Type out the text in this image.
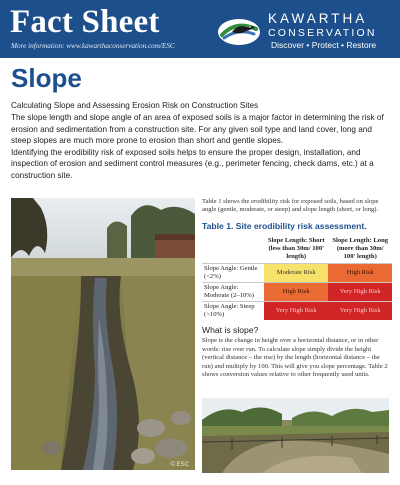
Fact Sheet
More information: www.kawarthaconservation.com/ESC
KAWARTHA
CONSERVATION
Discover • Protect • Restore
Slope
Calculating Slope and Assessing Erosion Risk on Construction Sites

The slope length and slope angle of an area of exposed soils is a major factor in determining the risk of erosion and sedimentation from a construction site. For any given soil type and land cover, long and steep slopes are much more prone to erosion than short and gentle slopes.

Identifying the erodibility risk of exposed soils helps to ensure the proper design, installation, and inspection of erosion and sediment control measures (e.g., perimeter fencing, check dams, etc.) at a construction site.

© ESC
Table 1 shows the erodibility risk for exposed soils, based on slope angle (gentle, moderate, or steep) and slope length (short, or long).
Table 1. Site erodibility risk assessment.
	Slope Length: Short (less than 30m/ 100' length)	Slope Length: Long (more than 30m/ 100' length)
Slope Angle: Gentle (<2%)	Moderate Risk	High Risk
Slope Angle: Moderate (2–10%)	High Risk	Very High Risk
Slope Angle: Steep (>10%)	Very High Risk	Very High Risk
What is slope?
Slope is the change in height over a horizontal distance, or in other words: rise over run. To calculate slope simply divide the height (vertical distance – the rise) by the length (horizontal distance – the run) and multiply by 100. This will give you slope percentage. Table 2 shows conversion values relative to other frequently used units.
